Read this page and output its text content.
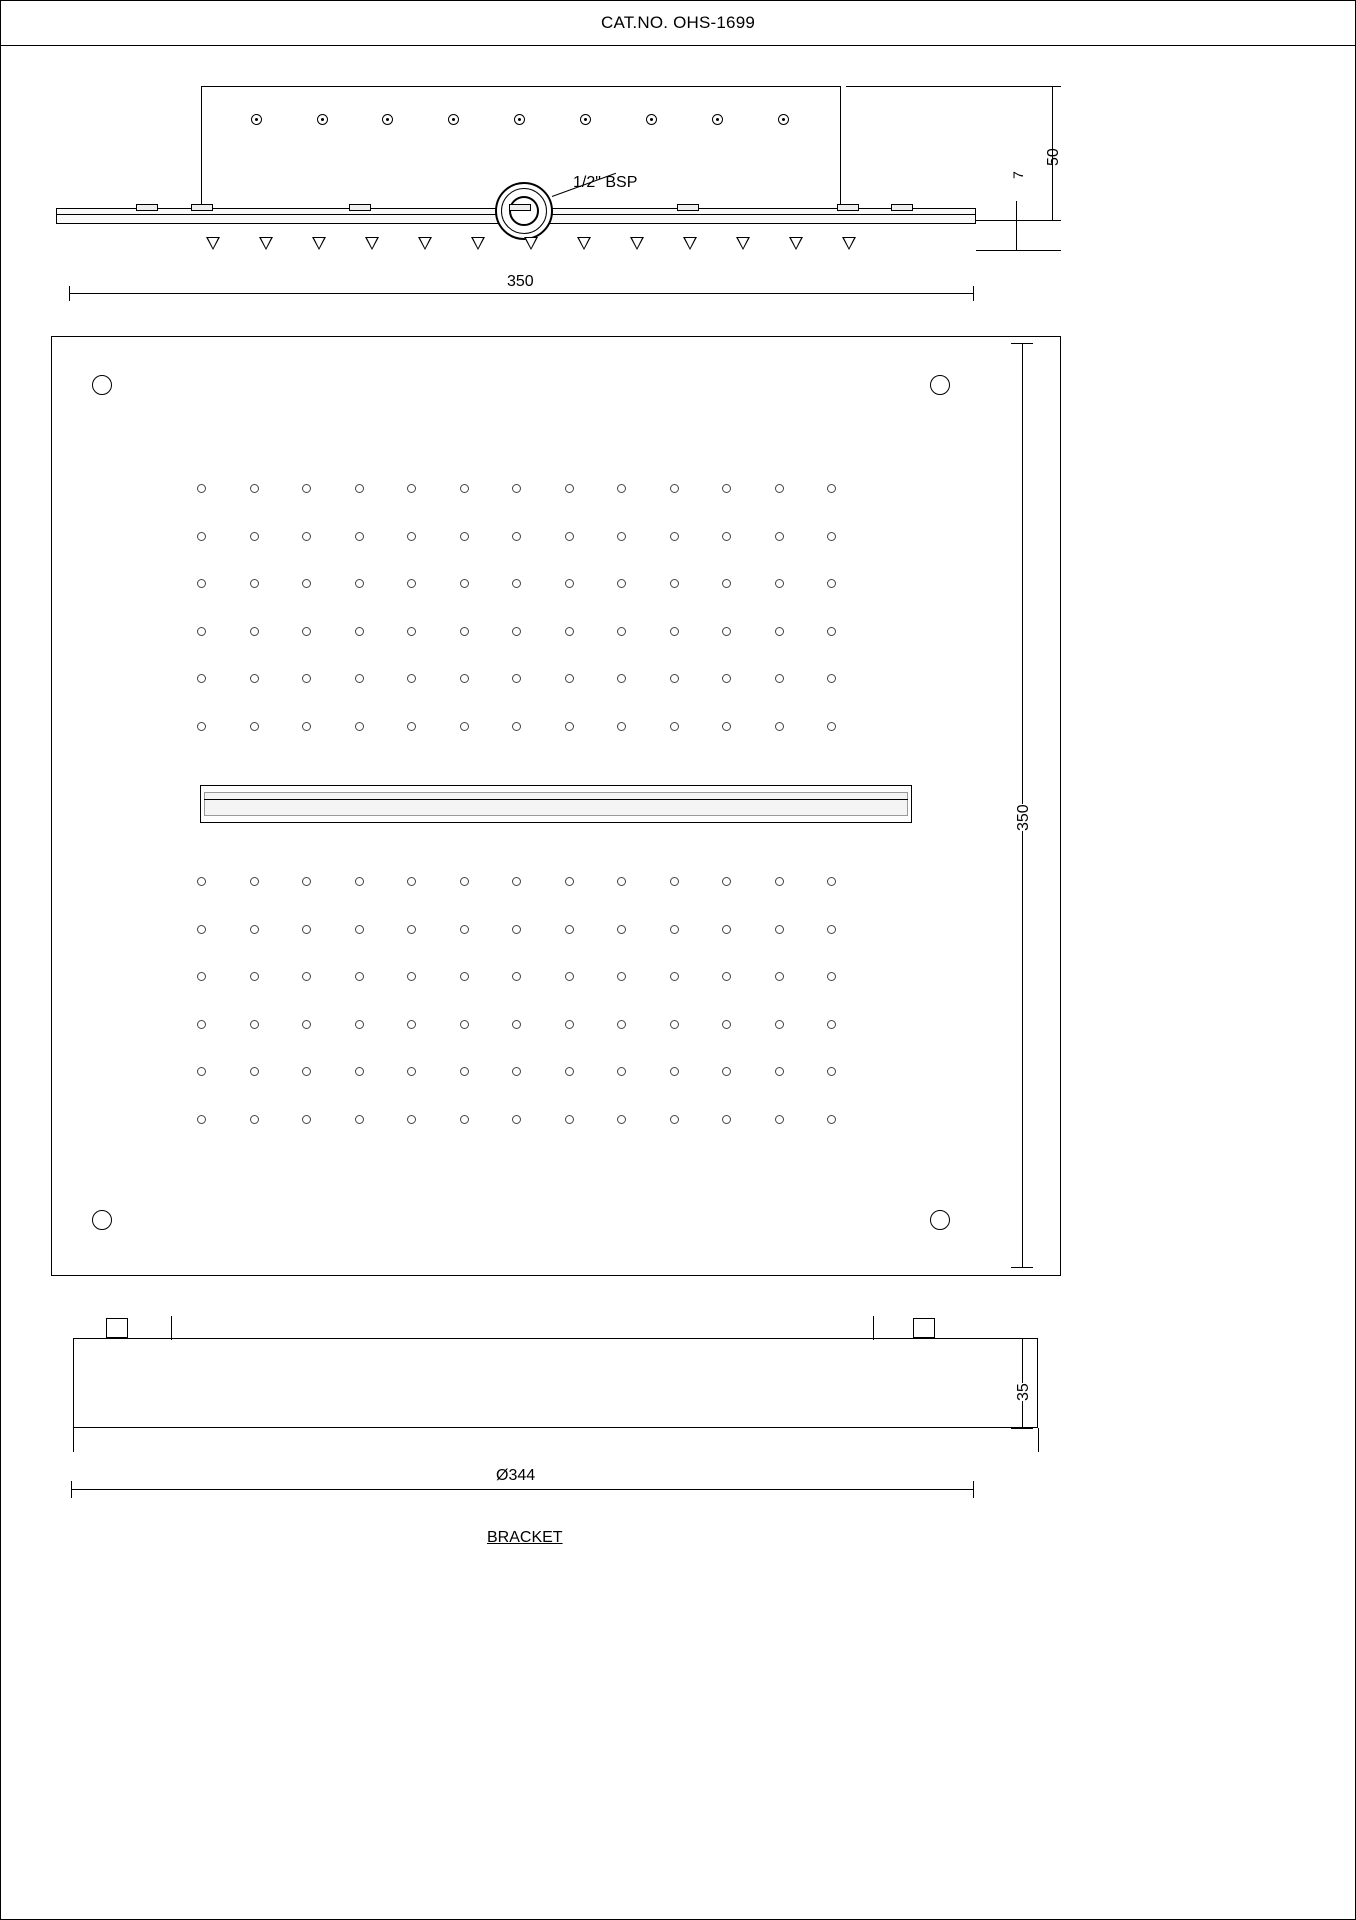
CAT.NO. OHS-1699
1/2" BSP
50
7
350
350
35
Ø344
BRACKET
